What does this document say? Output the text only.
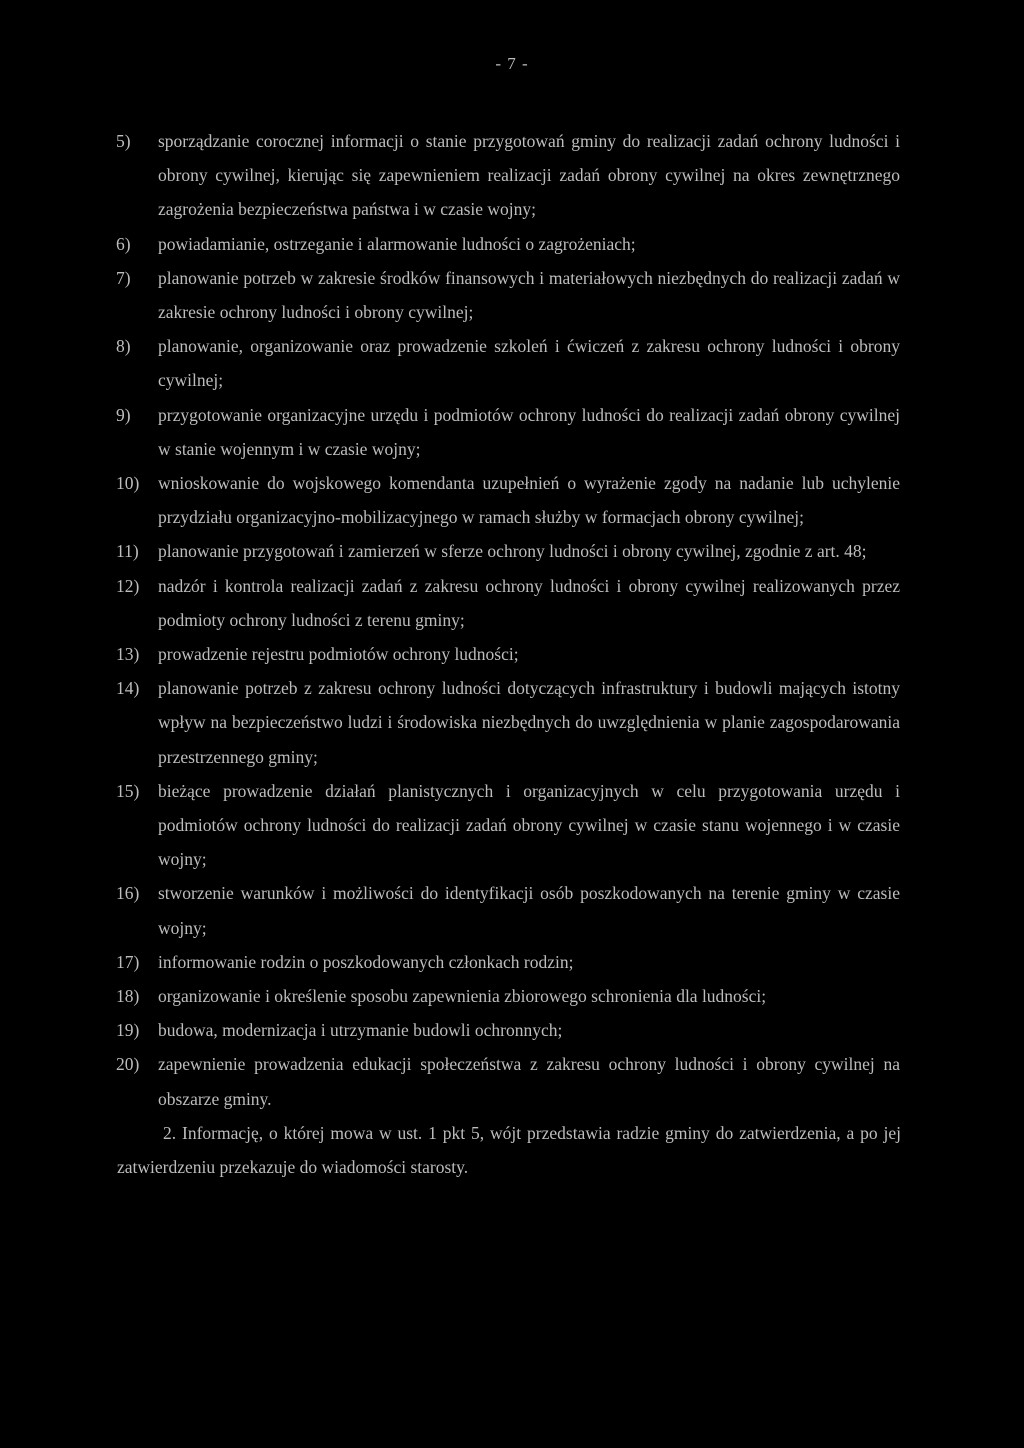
- 7 -
5)	sporządzanie corocznej informacji o stanie przygotowań gminy do realizacji zadań ochrony ludności i obrony cywilnej, kierując się zapewnieniem realizacji zadań obrony cywilnej na okres zewnętrznego zagrożenia bezpieczeństwa państwa i w czasie wojny;
6)	powiadamianie, ostrzeganie i alarmowanie ludności o zagrożeniach;
7)	planowanie potrzeb w zakresie środków finansowych i materiałowych niezbędnych do realizacji zadań w zakresie ochrony ludności i obrony cywilnej;
8)	planowanie, organizowanie oraz prowadzenie szkoleń i ćwiczeń z zakresu ochrony ludności i obrony cywilnej;
9)	przygotowanie organizacyjne urzędu i podmiotów ochrony ludności do realizacji zadań obrony cywilnej w stanie wojennym i w czasie wojny;
10)	wnioskowanie do wojskowego komendanta uzupełnień o wyrażenie zgody na nadanie lub uchylenie przydziału organizacyjno-mobilizacyjnego w ramach służby w formacjach obrony cywilnej;
11)	planowanie przygotowań i zamierzeń w sferze ochrony ludności i obrony cywilnej, zgodnie z art. 48;
12)	nadzór i kontrola realizacji zadań z zakresu ochrony ludności i obrony cywilnej realizowanych przez podmioty ochrony ludności z terenu gminy;
13)	prowadzenie rejestru podmiotów ochrony ludności;
14)	planowanie potrzeb z zakresu ochrony ludności dotyczących infrastruktury i budowli mających istotny wpływ na bezpieczeństwo ludzi i środowiska niezbędnych do uwzględnienia w planie zagospodarowania przestrzennego gminy;
15)	bieżące prowadzenie działań planistycznych i organizacyjnych w celu przygotowania urzędu i podmiotów ochrony ludności do realizacji zadań obrony cywilnej w czasie stanu wojennego i w czasie wojny;
16)	stworzenie warunków i możliwości do identyfikacji osób poszkodowanych na terenie gminy w czasie wojny;
17)	informowanie rodzin o poszkodowanych członkach rodzin;
18)	organizowanie i określenie sposobu zapewnienia zbiorowego schronienia dla ludności;
19)	budowa, modernizacja i utrzymanie budowli ochronnych;
20)	zapewnienie prowadzenia edukacji społeczeństwa z zakresu ochrony ludności i obrony cywilnej na obszarze gminy.
2. Informację, o której mowa w ust. 1 pkt 5, wójt przedstawia radzie gminy do zatwierdzenia, a po jej zatwierdzeniu przekazuje do wiadomości starosty.
